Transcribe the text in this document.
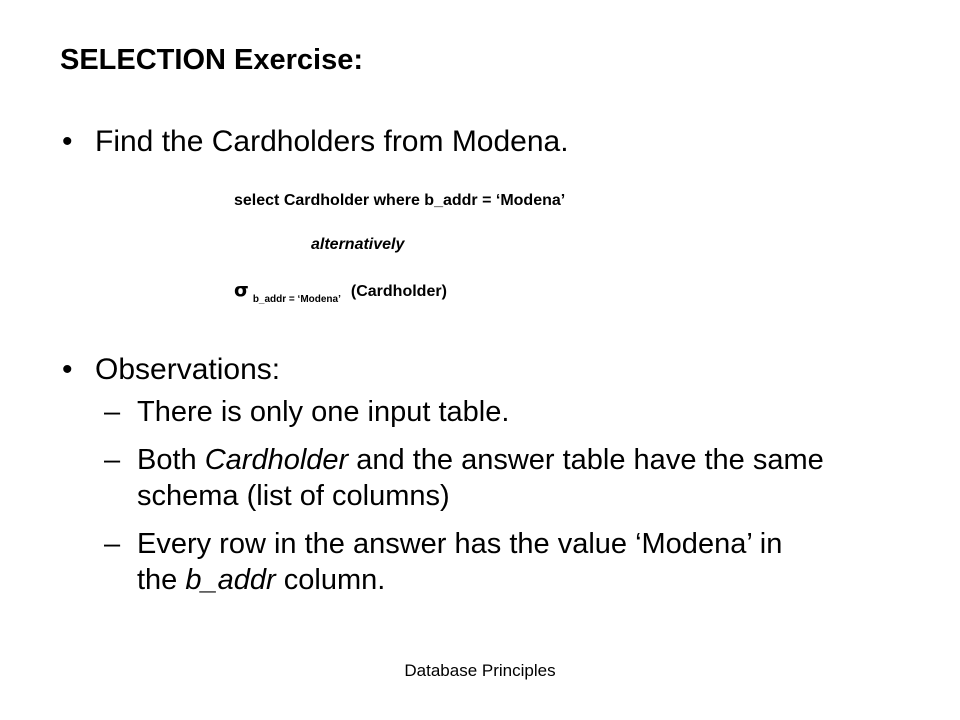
SELECTION Exercise:
• Find the Cardholders from Modena.
select Cardholder where b_addr = ‘Modena’
alternatively
σ $_{b\_addr = ‘Modena’}$ (Cardholder)
• Observations:
– There is only one input table.
– Both Cardholder and the answer table have the same
schema (list of columns)
– Every row in the answer has the value ‘Modena’ in
the b_addr column.
Database Principles
